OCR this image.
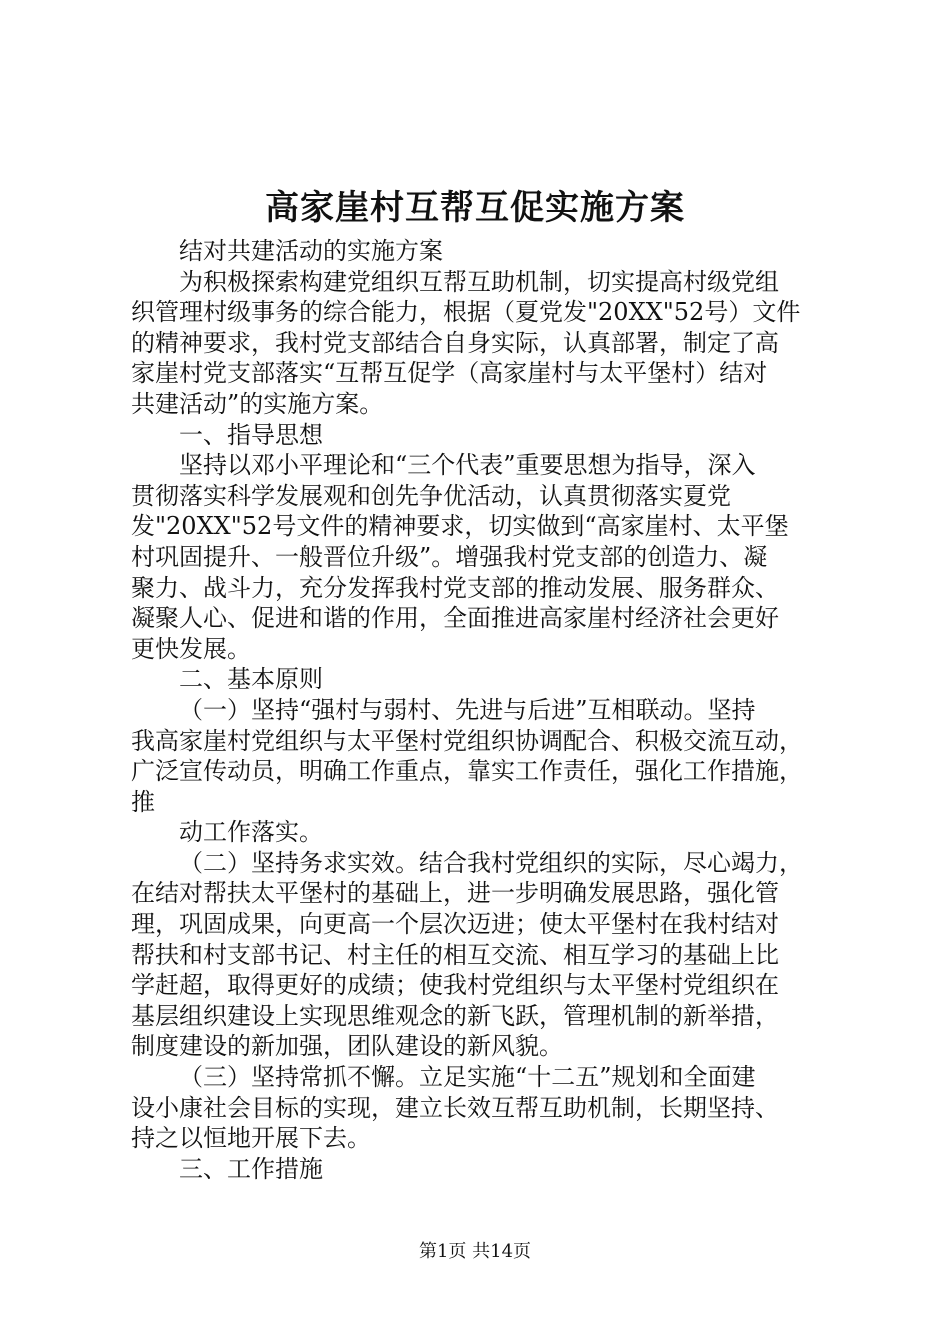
高家崖村互帮互促实施方案
结对共建活动的实施方案
为积极探索构建党组织互帮互助机制，切实提高村级党组
织管理村级事务的综合能力，根据（夏党发"20XX"52号）文件
的精神要求，我村党支部结合自身实际，认真部署，制定了高
家崖村党支部落实“互帮互促学（高家崖村与太平堡村）结对
共建活动”的实施方案。
一、指导思想
坚持以邓小平理论和“三个代表”重要思想为指导，深入
贯彻落实科学发展观和创先争优活动，认真贯彻落实夏党
发"20XX"52号文件的精神要求，切实做到“高家崖村、太平堡
村巩固提升、一般晋位升级”。增强我村党支部的创造力、凝
聚力、战斗力，充分发挥我村党支部的推动发展、服务群众、
凝聚人心、促进和谐的作用，全面推进高家崖村经济社会更好
更快发展。
二、基本原则
（一）坚持“强村与弱村、先进与后进”互相联动。坚持
我高家崖村党组织与太平堡村党组织协调配合、积极交流互动，
广泛宣传动员，明确工作重点，靠实工作责任，强化工作措施，
推
动工作落实。
（二）坚持务求实效。结合我村党组织的实际，尽心竭力，
在结对帮扶太平堡村的基础上，进一步明确发展思路，强化管
理，巩固成果，向更高一个层次迈进；使太平堡村在我村结对
帮扶和村支部书记、村主任的相互交流、相互学习的基础上比
学赶超，取得更好的成绩；使我村党组织与太平堡村党组织在
基层组织建设上实现思维观念的新飞跃，管理机制的新举措，
制度建设的新加强，团队建设的新风貌。
（三）坚持常抓不懈。立足实施“十二五”规划和全面建
设小康社会目标的实现，建立长效互帮互助机制，长期坚持、
持之以恒地开展下去。
三、工作措施
第1页 共14页
